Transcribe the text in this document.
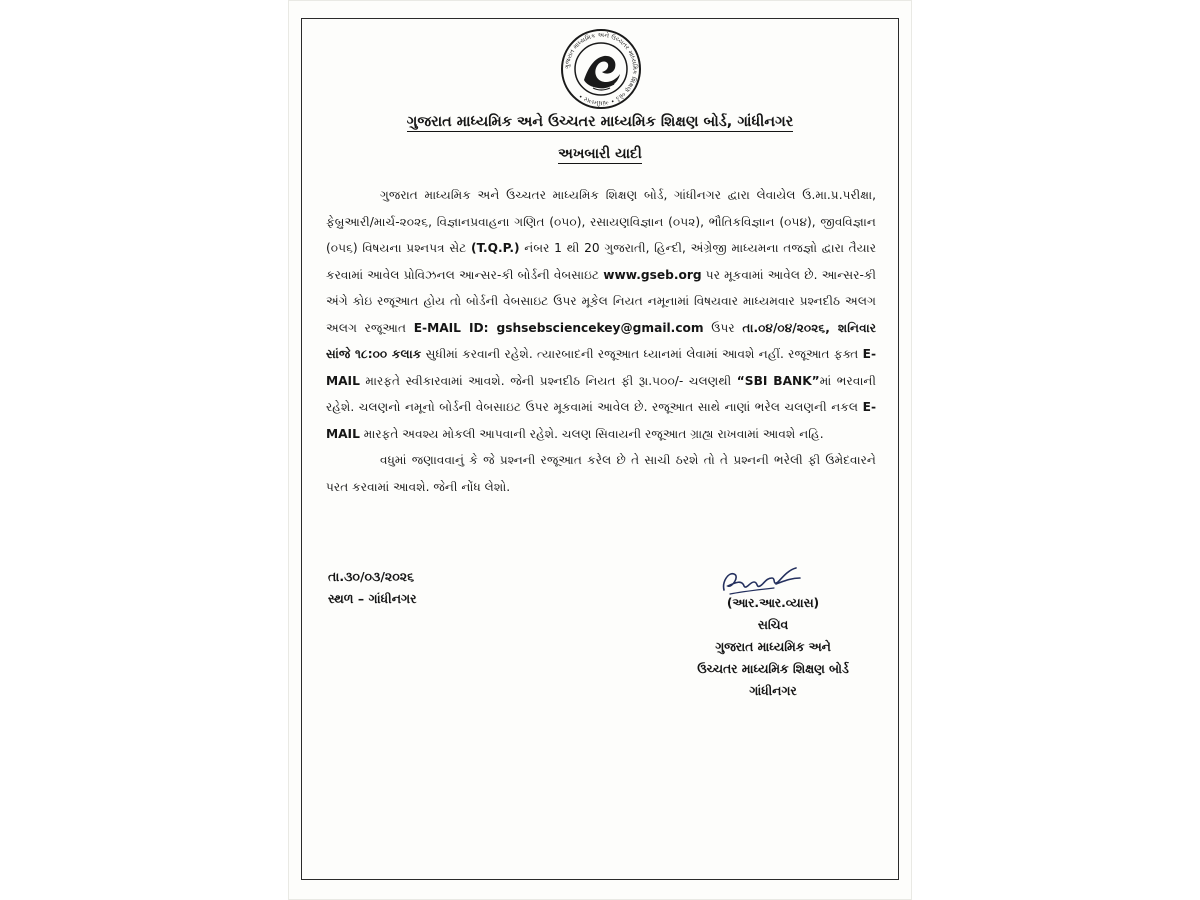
ગુજરાત માધ્યમિક અને ઉચ્ચતર માધ્યમિક શિક્ષણ બોર્ડ • ગાંધીનગર •
ગુજરાત માધ્યમિક અને ઉચ્ચતર માધ્યમિક શિક્ષણ બોર્ડ, ગાંધીનગર
અખબારી યાદી

ગુજરાત માધ્યમિક અને ઉચ્ચતર માધ્યમિક શિક્ષણ બોર્ડ, ગાંધીનગર દ્વારા લેવાયેલ ઉ.મા.પ્ર.પરીક્ષા, ફેબ્રુઆરી/માર્ચ-૨૦૨૬, વિજ્ઞાનપ્રવાહના ગણિત (૦૫૦), રસાયણવિજ્ઞાન (૦૫૨), ભૌતિકવિજ્ઞાન (૦૫૪), જીવવિજ્ઞાન (૦૫૬) વિષયના પ્રશ્નપત્ર સેટ (T.Q.P.) નંબર 1 થી 20 ગુજરાતી, હિન્દી, અંગ્રેજી માધ્યમના તજજ્ઞો દ્વારા તૈયાર કરવામાં આવેલ પ્રોવિઝનલ આન્સર-કી બોર્ડની વેબસાઇટ www.gseb.org પર મૂકવામાં આવેલ છે. આન્સર-કી અંગે કોઇ રજૂઆત હોય તો બોર્ડની વેબસાઇટ ઉપર મૂકેલ નિયત નમૂનામાં વિષયવાર માધ્યમવાર પ્રશ્નદીઠ અલગ અલગ રજૂઆત E-MAIL ID: gshsebsciencekey@gmail.com ઉપર તા.૦૪/૦૪/૨૦૨૬, શનિવાર સાંજે ૧૮:૦૦ કલાક સુધીમાં કરવાની રહેશે. ત્યારબાદની રજૂઆત ધ્યાનમાં લેવામાં આવશે નહીં. રજૂઆત ફક્ત E-MAIL મારફતે સ્વીકારવામાં આવશે. જેની પ્રશ્નદીઠ નિયત ફી રૂા.૫૦૦/- ચલણથી “SBI BANK”માં ભરવાની રહેશે. ચલણનો નમૂનો બોર્ડની વેબસાઇટ ઉપર મૂકવામાં આવેલ છે. રજૂઆત સાથે નાણાં ભરેલ ચલણની નકલ E-MAIL મારફતે અવશ્ય મોકલી આપવાની રહેશે. ચલણ સિવાયની રજૂઆત ગ્રાહ્ય રાખવામાં આવશે નહિ.

વધુમાં જણાવવાનું કે જે પ્રશ્નની રજૂઆત કરેલ છે તે સાચી ઠરશે તો તે પ્રશ્નની ભરેલી ફી ઉમેદવારને પરત કરવામાં આવશે. જેની નોંધ લેશો.

તા.૩૦/૦૩/૨૦૨૬
સ્થળ – ગાંધીનગર	(આર.આર.વ્યાસ)
સચિવ
ગુજરાત માધ્યમિક અને
ઉચ્ચતર માધ્યમિક શિક્ષણ બોર્ડ
ગાંધીનગર
